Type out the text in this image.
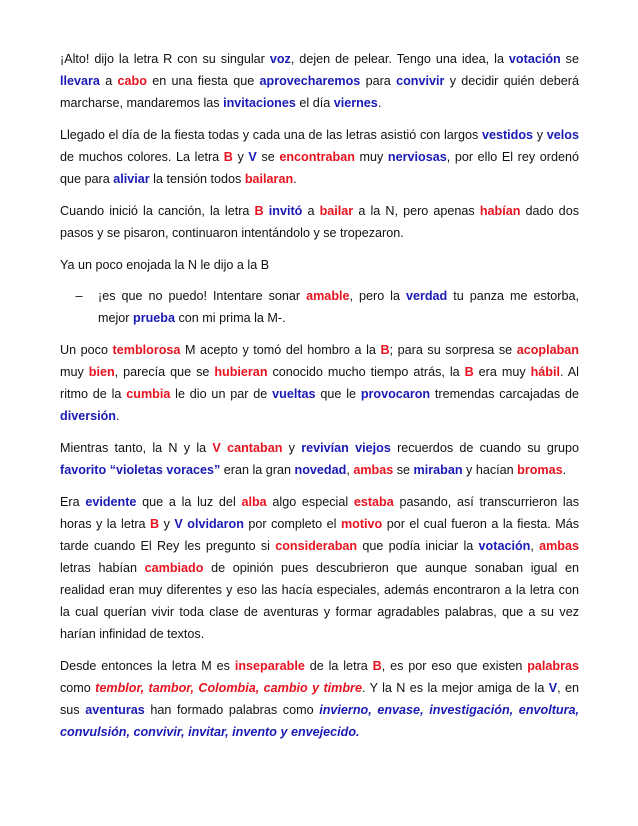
¡Alto! dijo la letra R con su singular voz, dejen de pelear. Tengo una idea, la votación se llevara a cabo en una fiesta que aprovecharemos para convivir y decidir quién deberá marcharse, mandaremos las invitaciones el día viernes.

Llegado el día de la fiesta todas y cada una de las letras asistió con largos vestidos y velos de muchos colores. La letra B y V se encontraban muy nerviosas, por ello El rey ordenó que para aliviar la tensión todos bailaran.

Cuando inició la canción, la letra B invitó a bailar a la N, pero apenas habían dado dos pasos y se pisaron, continuaron intentándolo y se tropezaron.

Ya un poco enojada la N le dijo a la B

–	¡es que no puedo! Intentare sonar amable, pero la verdad tu panza me estorba, mejor prueba con mi prima la M-.

Un poco temblorosa M acepto y tomó del hombro a la B; para su sorpresa se acoplaban muy bien, parecía que se hubieran conocido mucho tiempo atrás, la B era muy hábil. Al ritmo de la cumbia le dio un par de vueltas que le provocaron tremendas carcajadas de diversión.

Mientras tanto, la N y la V cantaban y revivían viejos recuerdos de cuando su grupo favorito “violetas voraces” eran la gran novedad, ambas se miraban y hacían bromas.

Era evidente que a la luz del alba algo especial estaba pasando, así transcurrieron las horas y la letra B y V olvidaron por completo el motivo por el cual fueron a la fiesta. Más tarde cuando El Rey les pregunto si consideraban que podía iniciar la votación, ambas letras habían cambiado de opinión pues descubrieron que aunque sonaban igual en realidad eran muy diferentes y eso las hacía especiales, además encontraron a la letra con la cual querían vivir toda clase de aventuras y formar agradables palabras, que a su vez harían infinidad de textos.

Desde entonces la letra M es inseparable de la letra B, es por eso que existen palabras como temblor, tambor, Colombia, cambio y timbre. Y la N es la mejor amiga de la V, en sus aventuras han formado palabras como invierno, envase, investigación, envoltura, convulsión, convivir, invitar, invento y envejecido.
